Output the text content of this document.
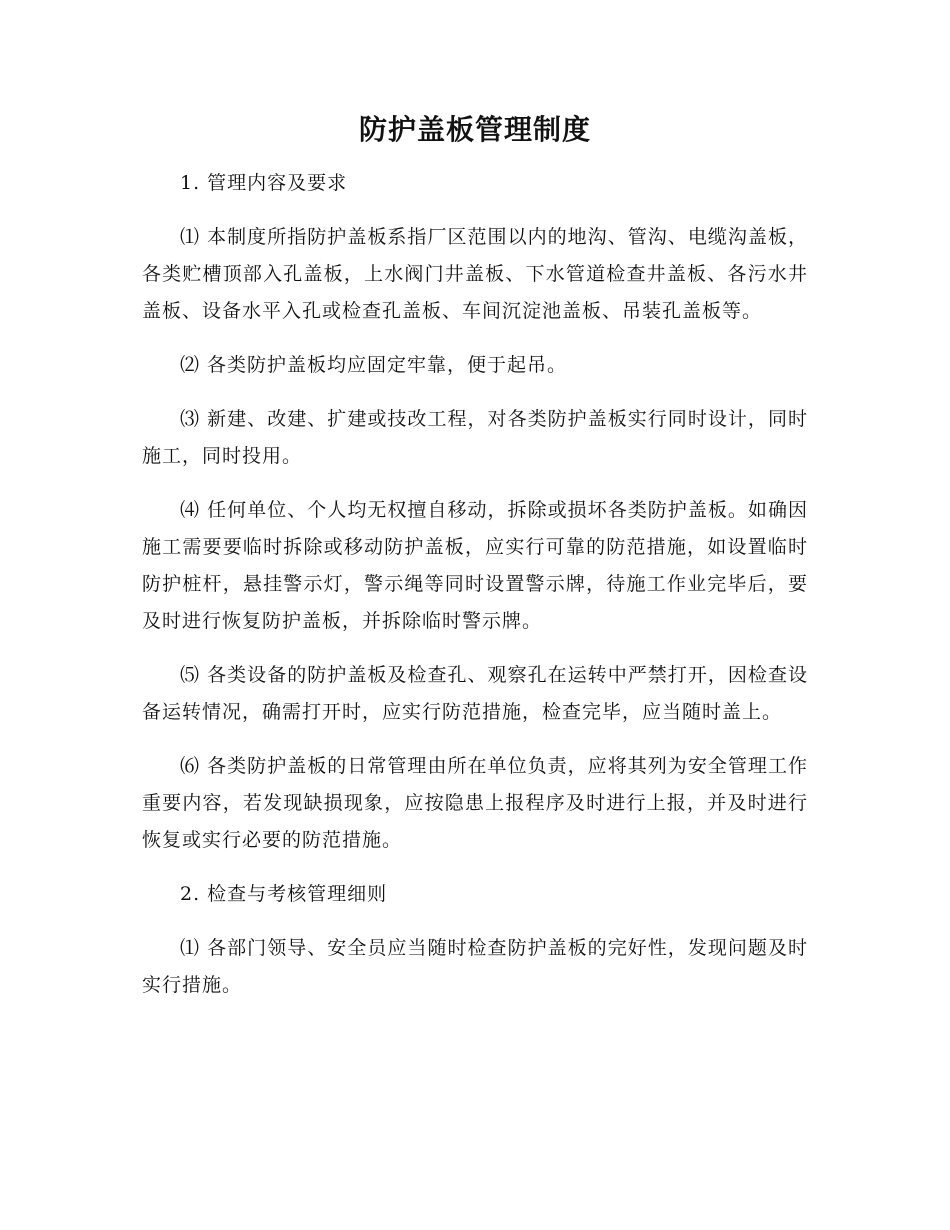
防护盖板管理制度

1. 管理内容及要求

⑴ 本制度所指防护盖板系指厂区范围以内的地沟、管沟、电缆沟盖板，各类贮槽顶部入孔盖板，上水阀门井盖板、下水管道检查井盖板、各污水井盖板、设备水平入孔或检查孔盖板、车间沉淀池盖板、吊装孔盖板等。

⑵ 各类防护盖板均应固定牢靠，便于起吊。

⑶ 新建、改建、扩建或技改工程，对各类防护盖板实行同时设计，同时施工，同时投用。

⑷ 任何单位、个人均无权擅自移动，拆除或损坏各类防护盖板。如确因施工需要要临时拆除或移动防护盖板，应实行可靠的防范措施，如设置临时防护桩杆，悬挂警示灯，警示绳等同时设置警示牌，待施工作业完毕后，要及时进行恢复防护盖板，并拆除临时警示牌。

⑸ 各类设备的防护盖板及检查孔、观察孔在运转中严禁打开，因检查设备运转情况，确需打开时，应实行防范措施，检查完毕，应当随时盖上。

⑹ 各类防护盖板的日常管理由所在单位负责，应将其列为安全管理工作重要内容，若发现缺损现象，应按隐患上报程序及时进行上报，并及时进行恢复或实行必要的防范措施。

2. 检查与考核管理细则

⑴ 各部门领导、安全员应当随时检查防护盖板的完好性，发现问题及时实行措施。
